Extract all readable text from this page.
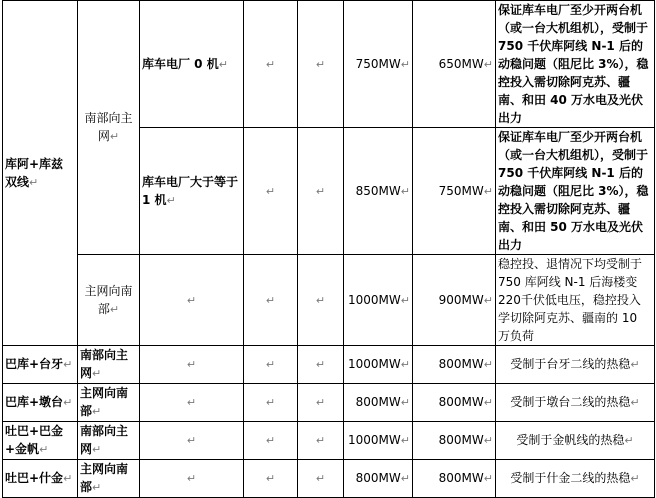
库阿+库兹双线↵	南部向主网↵	库车电厂 0 机↵	↵	↵	750MW↵	650MW↵	保证库车电厂至少开两台机（或一台大机组机），受制于750 千伏库阿线 N-1 后的动稳问题（阻尼比 3%），稳控投入需切除阿克苏、疆南、和田 40 万水电及光伏出力
		库车电厂大于等于 1 机↵	↵	↵	850MW↵	750MW↵	保证库车电厂至少开两台机（或一台大机组机），受制于750 千伏库阿线 N-1 后的动稳问题（阻尼比 3%），稳控投入需切除阿克苏、疆南、和田 50 万水电及光伏出力
	主网向南部↵	↵	↵	↵	1000MW↵	900MW↵	稳控投、退情况下均受制于750 库阿线 N-1 后海楼变 220千伏低电压，稳控投入学切除阿克苏、疆南的 10 万负荷
巴库+台牙↵	南部向主网↵	↵	↵	↵	1000MW↵	800MW↵	受制于台牙二线的热稳↵
巴库+墩台↵	主网向南部↵	↵	↵	↵	800MW↵	800MW↵	受制于墩台二线的热稳↵
吐巴+巴金+金帆↵	南部向主网↵	↵	↵	↵	1000MW↵	800MW↵	受制于金帆线的热稳↵
吐巴+什金↵	主网向南部↵	↵	↵	↵	800MW↵	800MW↵	受制于什金二线的热稳↵
